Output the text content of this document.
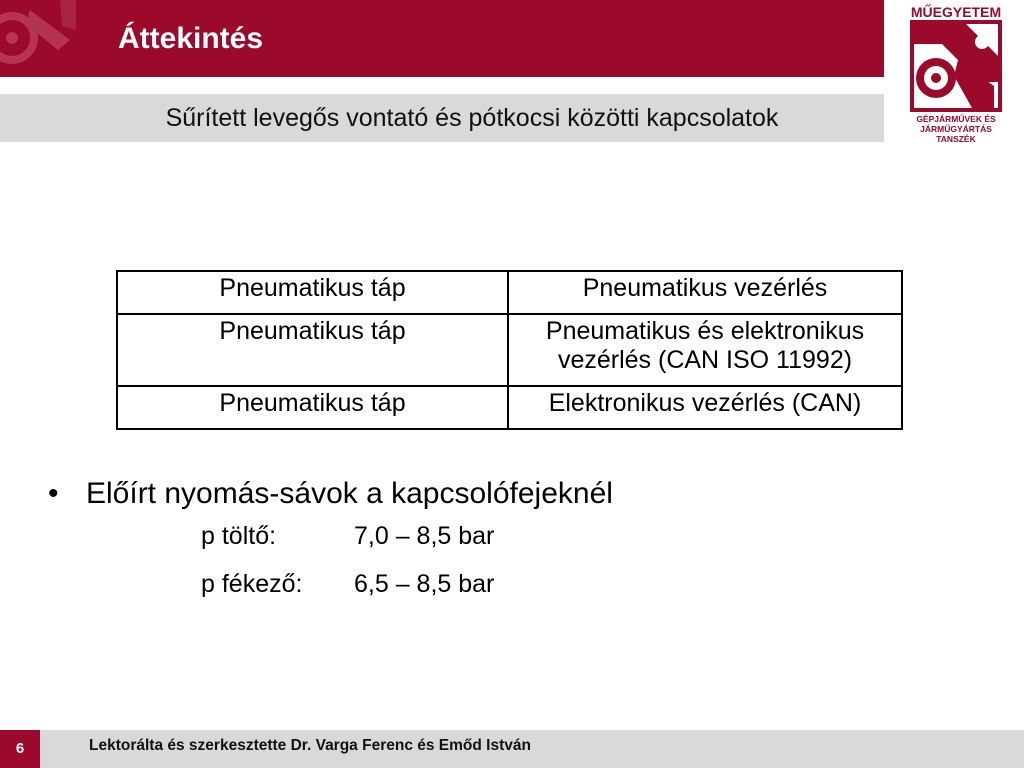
Áttekintés
Sűrített levegős vontató és pótkocsi közötti kapcsolatok
MŰEGYETEM
GÉPJÁRMŰVEK ÉS
JÁRMŰGYÁRTÁS
TANSZÉK
Pneumatikus táp	Pneumatikus vezérlés
Pneumatikus táp	Pneumatikus és elektronikus vezérlés (CAN ISO 11992)
Pneumatikus táp	Elektronikus vezérlés (CAN)
• Előírt nyomás-sávok a kapcsolófejeknél
p töltő:	7,0 – 8,5 bar
p fékező: 6,5 – 8,5 bar
6	Lektorálta és szerkesztette Dr. Varga Ferenc és Emőd István
